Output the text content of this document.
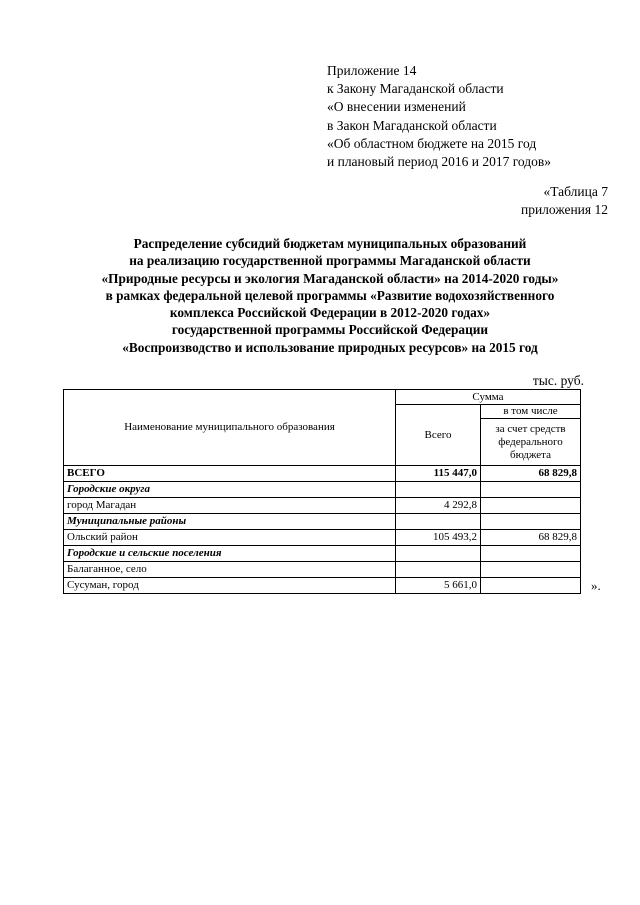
Приложение 14
к Закону Магаданской области
«О внесении изменений
в Закон Магаданской области
«Об областном бюджете на 2015 год
и плановый период 2016 и 2017 годов»
«Таблица 7
приложения 12
Распределение субсидий бюджетам муниципальных образований
на реализацию государственной программы Магаданской области
«Природные ресурсы и экология Магаданской области» на 2014-2020 годы»
в рамках федеральной целевой программы «Развитие водохозяйственного
комплекса Российской Федерации в 2012-2020 годах»
государственной программы Российской Федерации
«Воспроизводство и использование природных ресурсов» на 2015 год
тыс. руб.
Наименование муниципального образования	Сумма	
	Всего	в том числе
		за счет средств федерального бюджета
ВСЕГО	115 447,0	68 829,8
Городские округа		
город Магадан	4 292,8	
Муниципальные районы		
Ольский район	105 493,2	68 829,8
Городские и сельские поселения		
Балаганное, село		
Сусуман, город	5 661,0		».
